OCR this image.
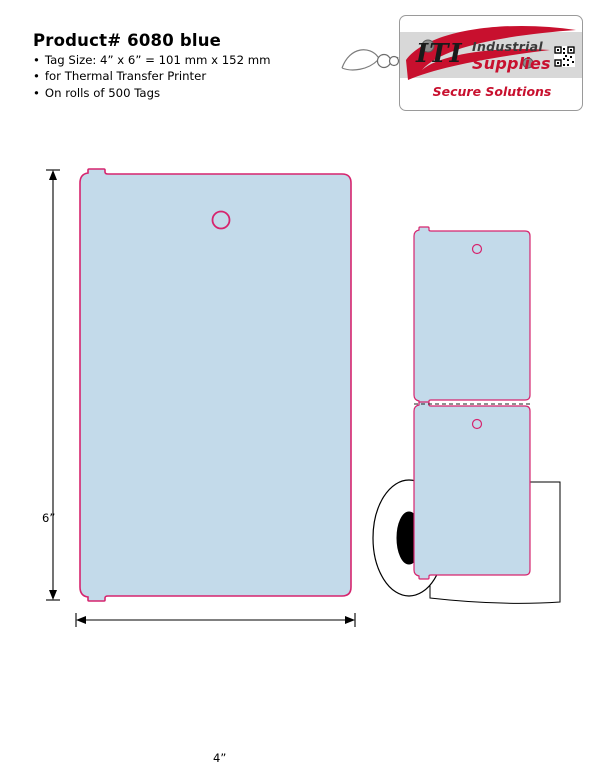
Product# 6080 blue
• Tag Size: 4” x 6” = 101 mm x 152 mm
• for Thermal Transfer Printer
• On rolls of 500 Tags
ITI Industrial
Supplies
Secure Solutions
6”
4”
